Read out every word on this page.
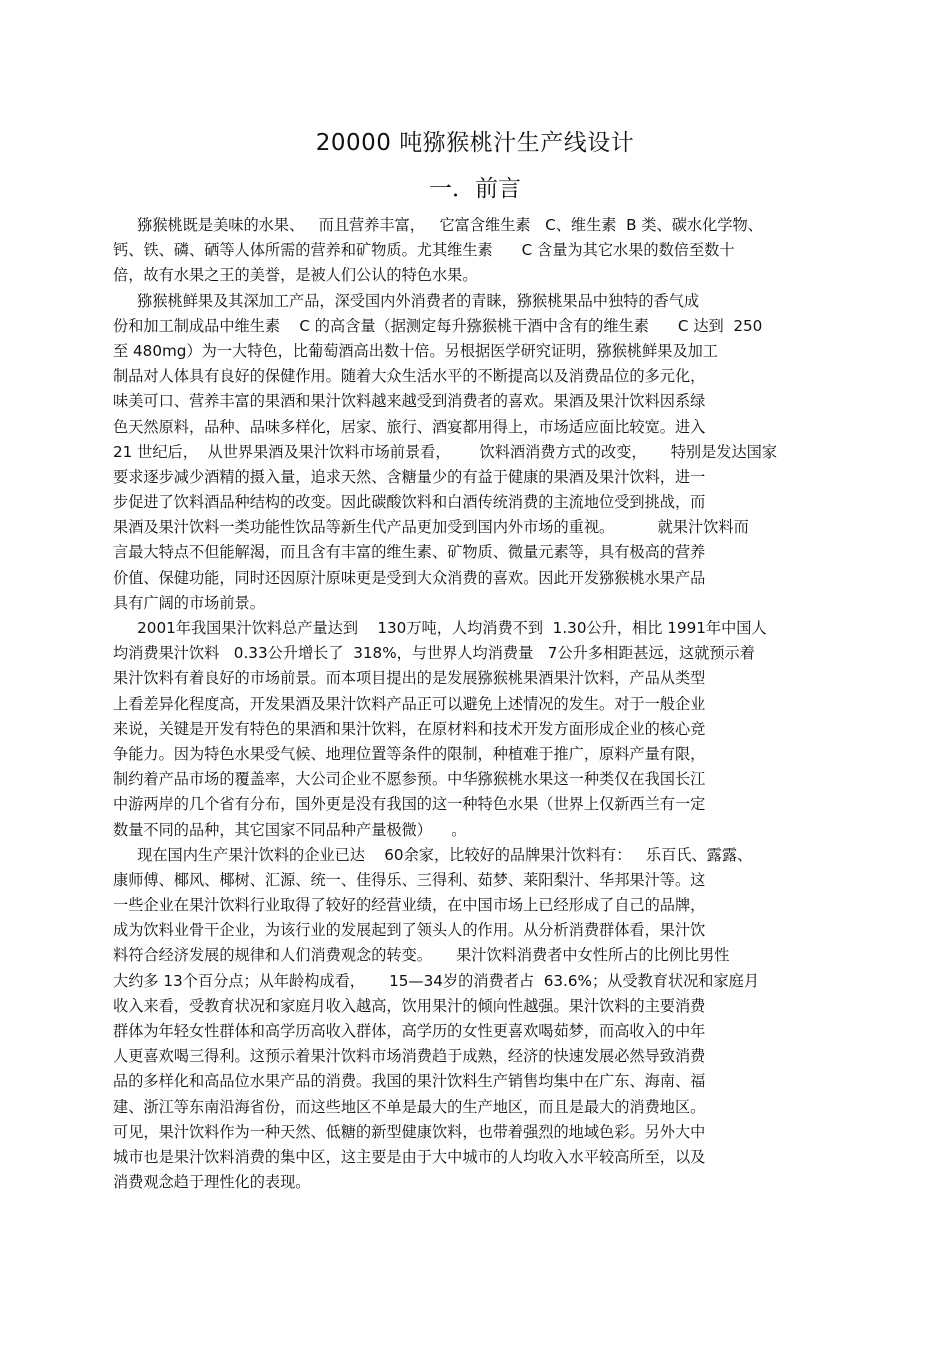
20000 吨猕猴桃汁生产线设计
一．前言
猕猴桃既是美味的水果、   而且营养丰富，   它富含维生素   C、维生素  B 类、碳水化学物、
钙、铁、磷、硒等人体所需的营养和矿物质。尤其维生素      C 含量为其它水果的数倍至数十
倍，故有水果之王的美誉，是被人们公认的特色水果。
猕猴桃鲜果及其深加工产品，深受国内外消费者的青睐，猕猴桃果品中独特的香气成
份和加工制成品中维生素    C 的高含量（据测定每升猕猴桃干酒中含有的维生素      C 达到  250
至 480mg）为一大特色，比葡萄酒高出数十倍。另根据医学研究证明，猕猴桃鲜果及加工
制品对人体具有良好的保健作用。随着大众生活水平的不断提高以及消费品位的多元化，
味美可口、营养丰富的果酒和果汁饮料越来越受到消费者的喜欢。果酒及果汁饮料因系绿
色天然原料，品种、品味多样化，居家、旅行、酒宴都用得上，市场适应面比较宽。进入
21 世纪后，  从世界果酒及果汁饮料市场前景看，      饮料酒消费方式的改变，     特别是发达国家
要求逐步减少酒精的摄入量，追求天然、含糖量少的有益于健康的果酒及果汁饮料，进一
步促进了饮料酒品种结构的改变。因此碳酸饮料和白酒传统消费的主流地位受到挑战，而
果酒及果汁饮料一类功能性饮品等新生代产品更加受到国内外市场的重视。         就果汁饮料而
言最大特点不但能解渴，而且含有丰富的维生素、矿物质、微量元素等，具有极高的营养
价值、保健功能，同时还因原汁原味更是受到大众消费的喜欢。因此开发猕猴桃水果产品
具有广阔的市场前景。
2001年我国果汁饮料总产量达到    130万吨，人均消费不到  1.30公升，相比 1991年中国人
均消费果汁饮料   0.33公升增长了  318%，与世界人均消费量   7公升多相距甚远，这就预示着
果汁饮料有着良好的市场前景。而本项目提出的是发展猕猴桃果酒果汁饮料，产品从类型
上看差异化程度高，开发果酒及果汁饮料产品正可以避免上述情况的发生。对于一般企业
来说，关键是开发有特色的果酒和果汁饮料，在原材料和技术开发方面形成企业的核心竞
争能力。因为特色水果受气候、地理位置等条件的限制，种植难于推广，原料产量有限，
制约着产品市场的覆盖率，大公司企业不愿参预。中华猕猴桃水果这一种类仅在我国长江
中游两岸的几个省有分布，国外更是没有我国的这一种特色水果（世界上仅新西兰有一定
数量不同的品种，其它国家不同品种产量极微）    。
现在国内生产果汁饮料的企业已达    60余家，比较好的品牌果汁饮料有：   乐百氏、露露、
康师傅、椰风、椰树、汇源、统一、佳得乐、三得利、茹梦、莱阳梨汁、华邦果汁等。这
一些企业在果汁饮料行业取得了较好的经营业绩，在中国市场上已经形成了自己的品牌，
成为饮料业骨干企业，为该行业的发展起到了领头人的作用。从分析消费群体看，果汁饮
料符合经济发展的规律和人们消费观念的转变。     果汁饮料消费者中女性所占的比例比男性
大约多 13个百分点；从年龄构成看，     15—34岁的消费者占  63.6%；从受教育状况和家庭月
收入来看，受教育状况和家庭月收入越高，饮用果汁的倾向性越强。果汁饮料的主要消费
群体为年轻女性群体和高学历高收入群体，高学历的女性更喜欢喝茹梦，而高收入的中年
人更喜欢喝三得利。这预示着果汁饮料市场消费趋于成熟，经济的快速发展必然导致消费
品的多样化和高品位水果产品的消费。我国的果汁饮料生产销售均集中在广东、海南、福
建、浙江等东南沿海省份，而这些地区不单是最大的生产地区，而且是最大的消费地区。
可见，果汁饮料作为一种天然、低糖的新型健康饮料，也带着强烈的地域色彩。另外大中
城市也是果汁饮料消费的集中区，这主要是由于大中城市的人均收入水平较高所至，以及
消费观念趋于理性化的表现。
